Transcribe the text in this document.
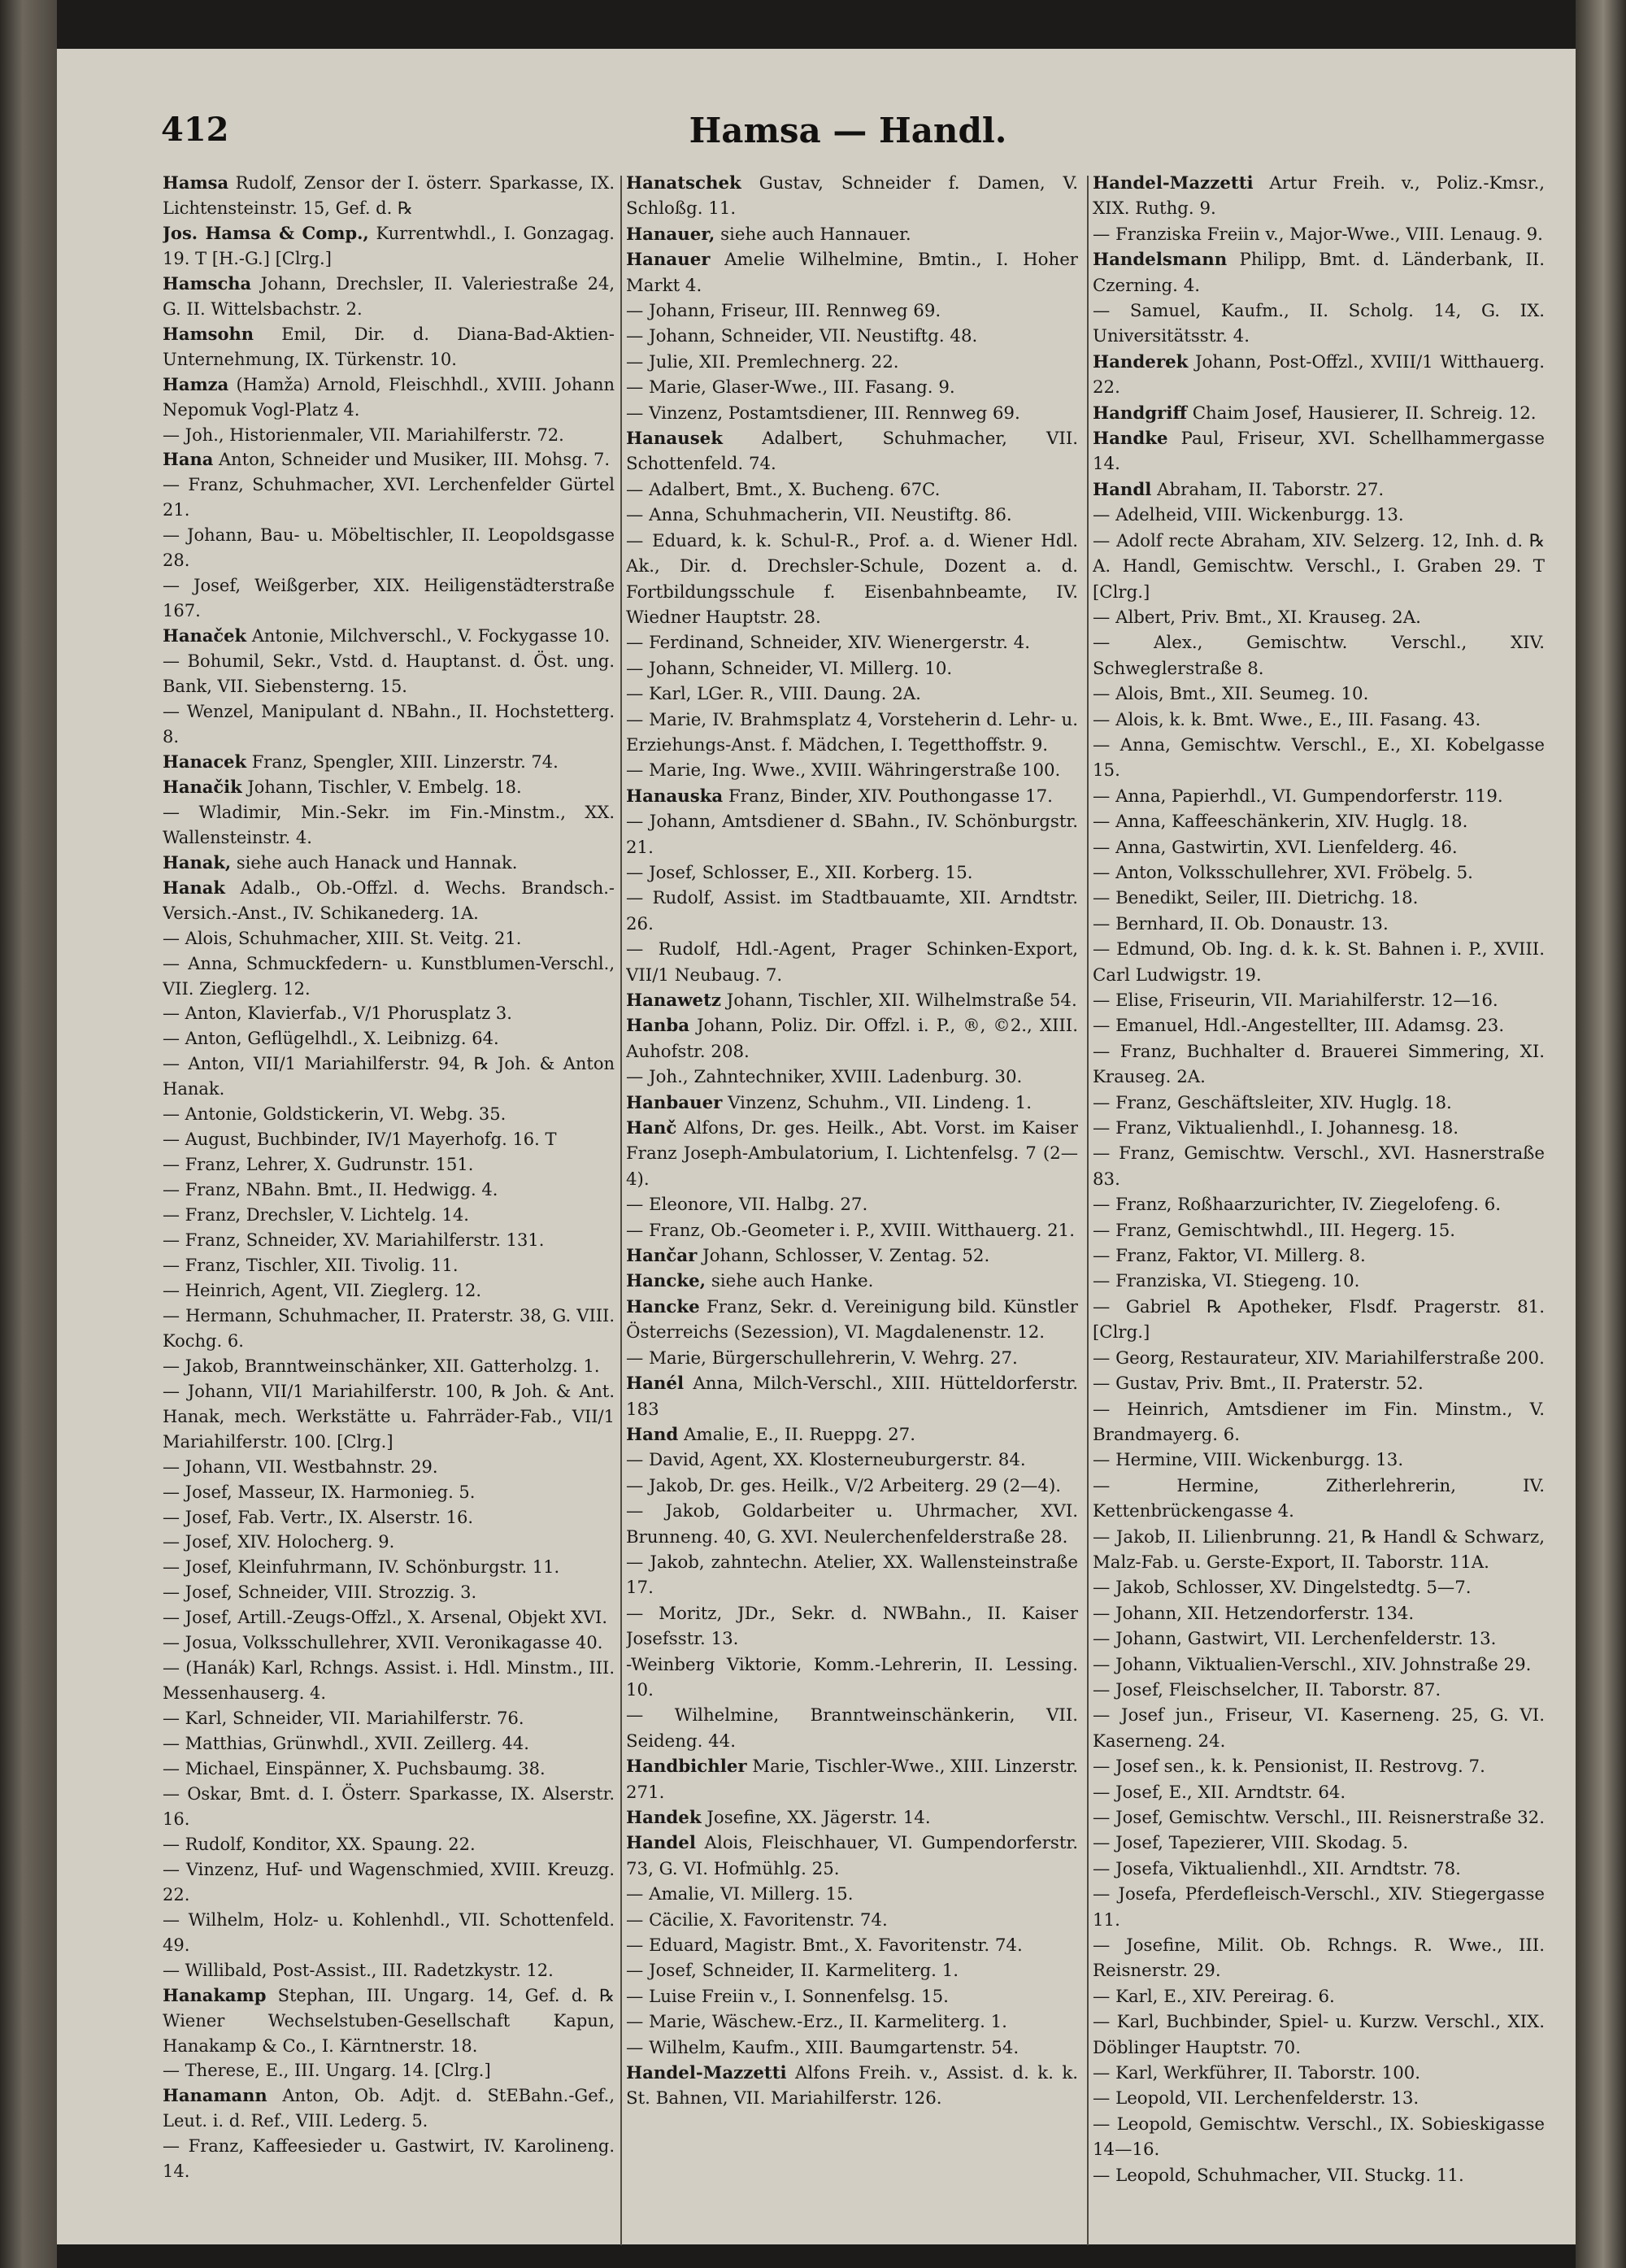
412	Hamsa — Handl.
Hamsa Rudolf, Zensor der I. österr. Sparkasse, IX. Lichtensteinstr. 15, Gef. d. ℞
Jos. Hamsa & Comp., Kurrentwhdl., I. Gonzagag. 19. T [H.-G.] [Clrg.]
Hamscha Johann, Drechsler, II. Valeriestraße 24, G. II. Wittelsbachstr. 2.
Hamsohn Emil, Dir. d. Diana-Bad-Aktien-Unternehmung, IX. Türkenstr. 10.
Hamza (Hamža) Arnold, Fleischhdl., XVIII. Johann Nepomuk Vogl-Platz 4.
— Joh., Historienmaler, VII. Mariahilferstr. 72.
Hana Anton, Schneider und Musiker, III. Mohsg. 7.
— Franz, Schuhmacher, XVI. Lerchenfelder Gürtel 21.
— Johann, Bau- u. Möbeltischler, II. Leopoldsgasse 28.
— Josef, Weißgerber, XIX. Heiligenstädterstraße 167.
Hanaček Antonie, Milchverschl., V. Fockygasse 10.
— Bohumil, Sekr., Vstd. d. Hauptanst. d. Öst. ung. Bank, VII. Siebensterng. 15.
— Wenzel, Manipulant d. NBahn., II. Hochstetterg. 8.
Hanacek Franz, Spengler, XIII. Linzerstr. 74.
Hanačik Johann, Tischler, V. Embelg. 18.
— Wladimir, Min.-Sekr. im Fin.-Minstm., XX. Wallensteinstr. 4.
Hanak, siehe auch Hanack und Hannak.
Hanak Adalb., Ob.-Offzl. d. Wechs. Brandsch.-Versich.-Anst., IV. Schikanederg. 1A.
— Alois, Schuhmacher, XIII. St. Veitg. 21.
— Anna, Schmuckfedern- u. Kunstblumen-Verschl., VII. Zieglerg. 12.
— Anton, Klavierfab., V/1 Phorusplatz 3.
— Anton, Geflügelhdl., X. Leibnizg. 64.
— Anton, VII/1 Mariahilferstr. 94, ℞ Joh. & Anton Hanak.
— Antonie, Goldstickerin, VI. Webg. 35.
— August, Buchbinder, IV/1 Mayerhofg. 16. T
— Franz, Lehrer, X. Gudrunstr. 151.
— Franz, NBahn. Bmt., II. Hedwigg. 4.
— Franz, Drechsler, V. Lichtelg. 14.
— Franz, Schneider, XV. Mariahilferstr. 131.
— Franz, Tischler, XII. Tivolig. 11.
— Heinrich, Agent, VII. Zieglerg. 12.
— Hermann, Schuhmacher, II. Praterstr. 38, G. VIII. Kochg. 6.
— Jakob, Branntweinschänker, XII. Gatterholzg. 1.
— Johann, VII/1 Mariahilferstr. 100, ℞ Joh. & Ant. Hanak, mech. Werkstätte u. Fahrräder-Fab., VII/1 Mariahilferstr. 100. [Clrg.]
— Johann, VII. Westbahnstr. 29.
— Josef, Masseur, IX. Harmonieg. 5.
— Josef, Fab. Vertr., IX. Alserstr. 16.
— Josef, XIV. Holocherg. 9.
— Josef, Kleinfuhrmann, IV. Schönburgstr. 11.
— Josef, Schneider, VIII. Strozzig. 3.
— Josef, Artill.-Zeugs-Offzl., X. Arsenal, Objekt XVI.
— Josua, Volksschullehrer, XVII. Veronikagasse 40.
— (Hanák) Karl, Rchngs. Assist. i. Hdl. Minstm., III. Messenhauserg. 4.
— Karl, Schneider, VII. Mariahilferstr. 76.
— Matthias, Grünwhdl., XVII. Zeillerg. 44.
— Michael, Einspänner, X. Puchsbaumg. 38.
— Oskar, Bmt. d. I. Österr. Sparkasse, IX. Alserstr. 16.
— Rudolf, Konditor, XX. Spaung. 22.
— Vinzenz, Huf- und Wagenschmied, XVIII. Kreuzg. 22.
— Wilhelm, Holz- u. Kohlenhdl., VII. Schottenfeld. 49.
— Willibald, Post-Assist., III. Radetzkystr. 12.
Hanakamp Stephan, III. Ungarg. 14, Gef. d. ℞ Wiener Wechselstuben-Gesellschaft Kapun, Hanakamp & Co., I. Kärntnerstr. 18.
— Therese, E., III. Ungarg. 14. [Clrg.]
Hanamann Anton, Ob. Adjt. d. StEBahn.-Gef., Leut. i. d. Ref., VIII. Lederg. 5.
— Franz, Kaffeesieder u. Gastwirt, IV. Karolineng. 14.
Hanatschek Gustav, Schneider f. Damen, V. Schloßg. 11.
Hanauer, siehe auch Hannauer.
Hanauer Amelie Wilhelmine, Bmtin., I. Hoher Markt 4.
— Johann, Friseur, III. Rennweg 69.
— Johann, Schneider, VII. Neustiftg. 48.
— Julie, XII. Premlechnerg. 22.
— Marie, Glaser-Wwe., III. Fasang. 9.
— Vinzenz, Postamtsdiener, III. Rennweg 69.
Hanausek Adalbert, Schuhmacher, VII. Schottenfeld. 74.
— Adalbert, Bmt., X. Bucheng. 67C.
— Anna, Schuhmacherin, VII. Neustiftg. 86.
— Eduard, k. k. Schul-R., Prof. a. d. Wiener Hdl. Ak., Dir. d. Drechsler-Schule, Dozent a. d. Fortbildungsschule f. Eisenbahnbeamte, IV. Wiedner Hauptstr. 28.
— Ferdinand, Schneider, XIV. Wienergerstr. 4.
— Johann, Schneider, VI. Millerg. 10.
— Karl, LGer. R., VIII. Daung. 2A.
— Marie, IV. Brahmsplatz 4, Vorsteherin d. Lehr- u. Erziehungs-Anst. f. Mädchen, I. Tegetthoffstr. 9.
— Marie, Ing. Wwe., XVIII. Währingerstraße 100.
Hanauska Franz, Binder, XIV. Pouthongasse 17.
— Johann, Amtsdiener d. SBahn., IV. Schönburgstr. 21.
— Josef, Schlosser, E., XII. Korberg. 15.
— Rudolf, Assist. im Stadtbauamte, XII. Arndtstr. 26.
— Rudolf, Hdl.-Agent, Prager Schinken-Export, VII/1 Neubaug. 7.
Hanawetz Johann, Tischler, XII. Wilhelmstraße 54.
Hanba Johann, Poliz. Dir. Offzl. i. P., ®, ©2., XIII. Auhofstr. 208.
— Joh., Zahntechniker, XVIII. Ladenburg. 30.
Hanbauer Vinzenz, Schuhm., VII. Lindeng. 1.
Hanč Alfons, Dr. ges. Heilk., Abt. Vorst. im Kaiser Franz Joseph-Ambulatorium, I. Lichtenfelsg. 7 (2—4).
— Eleonore, VII. Halbg. 27.
— Franz, Ob.-Geometer i. P., XVIII. Witthauerg. 21.
Hančar Johann, Schlosser, V. Zentag. 52.
Hancke, siehe auch Hanke.
Hancke Franz, Sekr. d. Vereinigung bild. Künstler Österreichs (Sezession), VI. Magdalenenstr. 12.
— Marie, Bürgerschullehrerin, V. Wehrg. 27.
Hanél Anna, Milch-Verschl., XIII. Hütteldorferstr. 183
Hand Amalie, E., II. Rueppg. 27.
— David, Agent, XX. Klosterneuburgerstr. 84.
— Jakob, Dr. ges. Heilk., V/2 Arbeiterg. 29 (2—4).
— Jakob, Goldarbeiter u. Uhrmacher, XVI. Brunneng. 40, G. XVI. Neulerchenfelderstraße 28.
— Jakob, zahntechn. Atelier, XX. Wallensteinstraße 17.
— Moritz, JDr., Sekr. d. NWBahn., II. Kaiser Josefsstr. 13.
-Weinberg Viktorie, Komm.-Lehrerin, II. Lessing. 10.
— Wilhelmine, Branntweinschänkerin, VII. Seideng. 44.
Handbichler Marie, Tischler-Wwe., XIII. Linzerstr. 271.
Handek Josefine, XX. Jägerstr. 14.
Handel Alois, Fleischhauer, VI. Gumpendorferstr. 73, G. VI. Hofmühlg. 25.
— Amalie, VI. Millerg. 15.
— Cäcilie, X. Favoritenstr. 74.
— Eduard, Magistr. Bmt., X. Favoritenstr. 74.
— Josef, Schneider, II. Karmeliterg. 1.
— Luise Freiin v., I. Sonnenfelsg. 15.
— Marie, Wäschew.-Erz., II. Karmeliterg. 1.
— Wilhelm, Kaufm., XIII. Baumgartenstr. 54.
Handel-Mazzetti Alfons Freih. v., Assist. d. k. k. St. Bahnen, VII. Mariahilferstr. 126.
Handel-Mazzetti Artur Freih. v., Poliz.-Kmsr., XIX. Ruthg. 9.
— Franziska Freiin v., Major-Wwe., VIII. Lenaug. 9.
Handelsmann Philipp, Bmt. d. Länderbank, II. Czerning. 4.
— Samuel, Kaufm., II. Scholg. 14, G. IX. Universitätsstr. 4.
Handerek Johann, Post-Offzl., XVIII/1 Witthauerg. 22.
Handgriff Chaim Josef, Hausierer, II. Schreig. 12.
Handke Paul, Friseur, XVI. Schellhammergasse 14.
Handl Abraham, II. Taborstr. 27.
— Adelheid, VIII. Wickenburgg. 13.
— Adolf recte Abraham, XIV. Selzerg. 12, Inh. d. ℞ A. Handl, Gemischtw. Verschl., I. Graben 29. T [Clrg.]
— Albert, Priv. Bmt., XI. Krauseg. 2A.
— Alex., Gemischtw. Verschl., XIV. Schweglerstraße 8.
— Alois, Bmt., XII. Seumeg. 10.
— Alois, k. k. Bmt. Wwe., E., III. Fasang. 43.
— Anna, Gemischtw. Verschl., E., XI. Kobelgasse 15.
— Anna, Papierhdl., VI. Gumpendorferstr. 119.
— Anna, Kaffeeschänkerin, XIV. Huglg. 18.
— Anna, Gastwirtin, XVI. Lienfelderg. 46.
— Anton, Volksschullehrer, XVI. Fröbelg. 5.
— Benedikt, Seiler, III. Dietrichg. 18.
— Bernhard, II. Ob. Donaustr. 13.
— Edmund, Ob. Ing. d. k. k. St. Bahnen i. P., XVIII. Carl Ludwigstr. 19.
— Elise, Friseurin, VII. Mariahilferstr. 12—16.
— Emanuel, Hdl.-Angestellter, III. Adamsg. 23.
— Franz, Buchhalter d. Brauerei Simmering, XI. Krauseg. 2A.
— Franz, Geschäftsleiter, XIV. Huglg. 18.
— Franz, Viktualienhdl., I. Johannesg. 18.
— Franz, Gemischtw. Verschl., XVI. Hasnerstraße 83.
— Franz, Roßhaarzurichter, IV. Ziegelofeng. 6.
— Franz, Gemischtwhdl., III. Hegerg. 15.
— Franz, Faktor, VI. Millerg. 8.
— Franziska, VI. Stiegeng. 10.
— Gabriel ℞ Apotheker, Flsdf. Pragerstr. 81. [Clrg.]
— Georg, Restaurateur, XIV. Mariahilferstraße 200.
— Gustav, Priv. Bmt., II. Praterstr. 52.
— Heinrich, Amtsdiener im Fin. Minstm., V. Brandmayerg. 6.
— Hermine, VIII. Wickenburgg. 13.
— Hermine, Zitherlehrerin, IV. Kettenbrückengasse 4.
— Jakob, II. Lilienbrunng. 21, ℞ Handl & Schwarz, Malz-Fab. u. Gerste-Export, II. Taborstr. 11A.
— Jakob, Schlosser, XV. Dingelstedtg. 5—7.
— Johann, XII. Hetzendorferstr. 134.
— Johann, Gastwirt, VII. Lerchenfelderstr. 13.
— Johann, Viktualien-Verschl., XIV. Johnstraße 29.
— Josef, Fleischselcher, II. Taborstr. 87.
— Josef jun., Friseur, VI. Kaserneng. 25, G. VI. Kaserneng. 24.
— Josef sen., k. k. Pensionist, II. Restrovg. 7.
— Josef, E., XII. Arndtstr. 64.
— Josef, Gemischtw. Verschl., III. Reisnerstraße 32.
— Josef, Tapezierer, VIII. Skodag. 5.
— Josefa, Viktualienhdl., XII. Arndtstr. 78.
— Josefa, Pferdefleisch-Verschl., XIV. Stiegergasse 11.
— Josefine, Milit. Ob. Rchngs. R. Wwe., III. Reisnerstr. 29.
— Karl, E., XIV. Pereirag. 6.
— Karl, Buchbinder, Spiel- u. Kurzw. Verschl., XIX. Döblinger Hauptstr. 70.
— Karl, Werkführer, II. Taborstr. 100.
— Leopold, VII. Lerchenfelderstr. 13.
— Leopold, Gemischtw. Verschl., IX. Sobieskigasse 14—16.
— Leopold, Schuhmacher, VII. Stuckg. 11.
